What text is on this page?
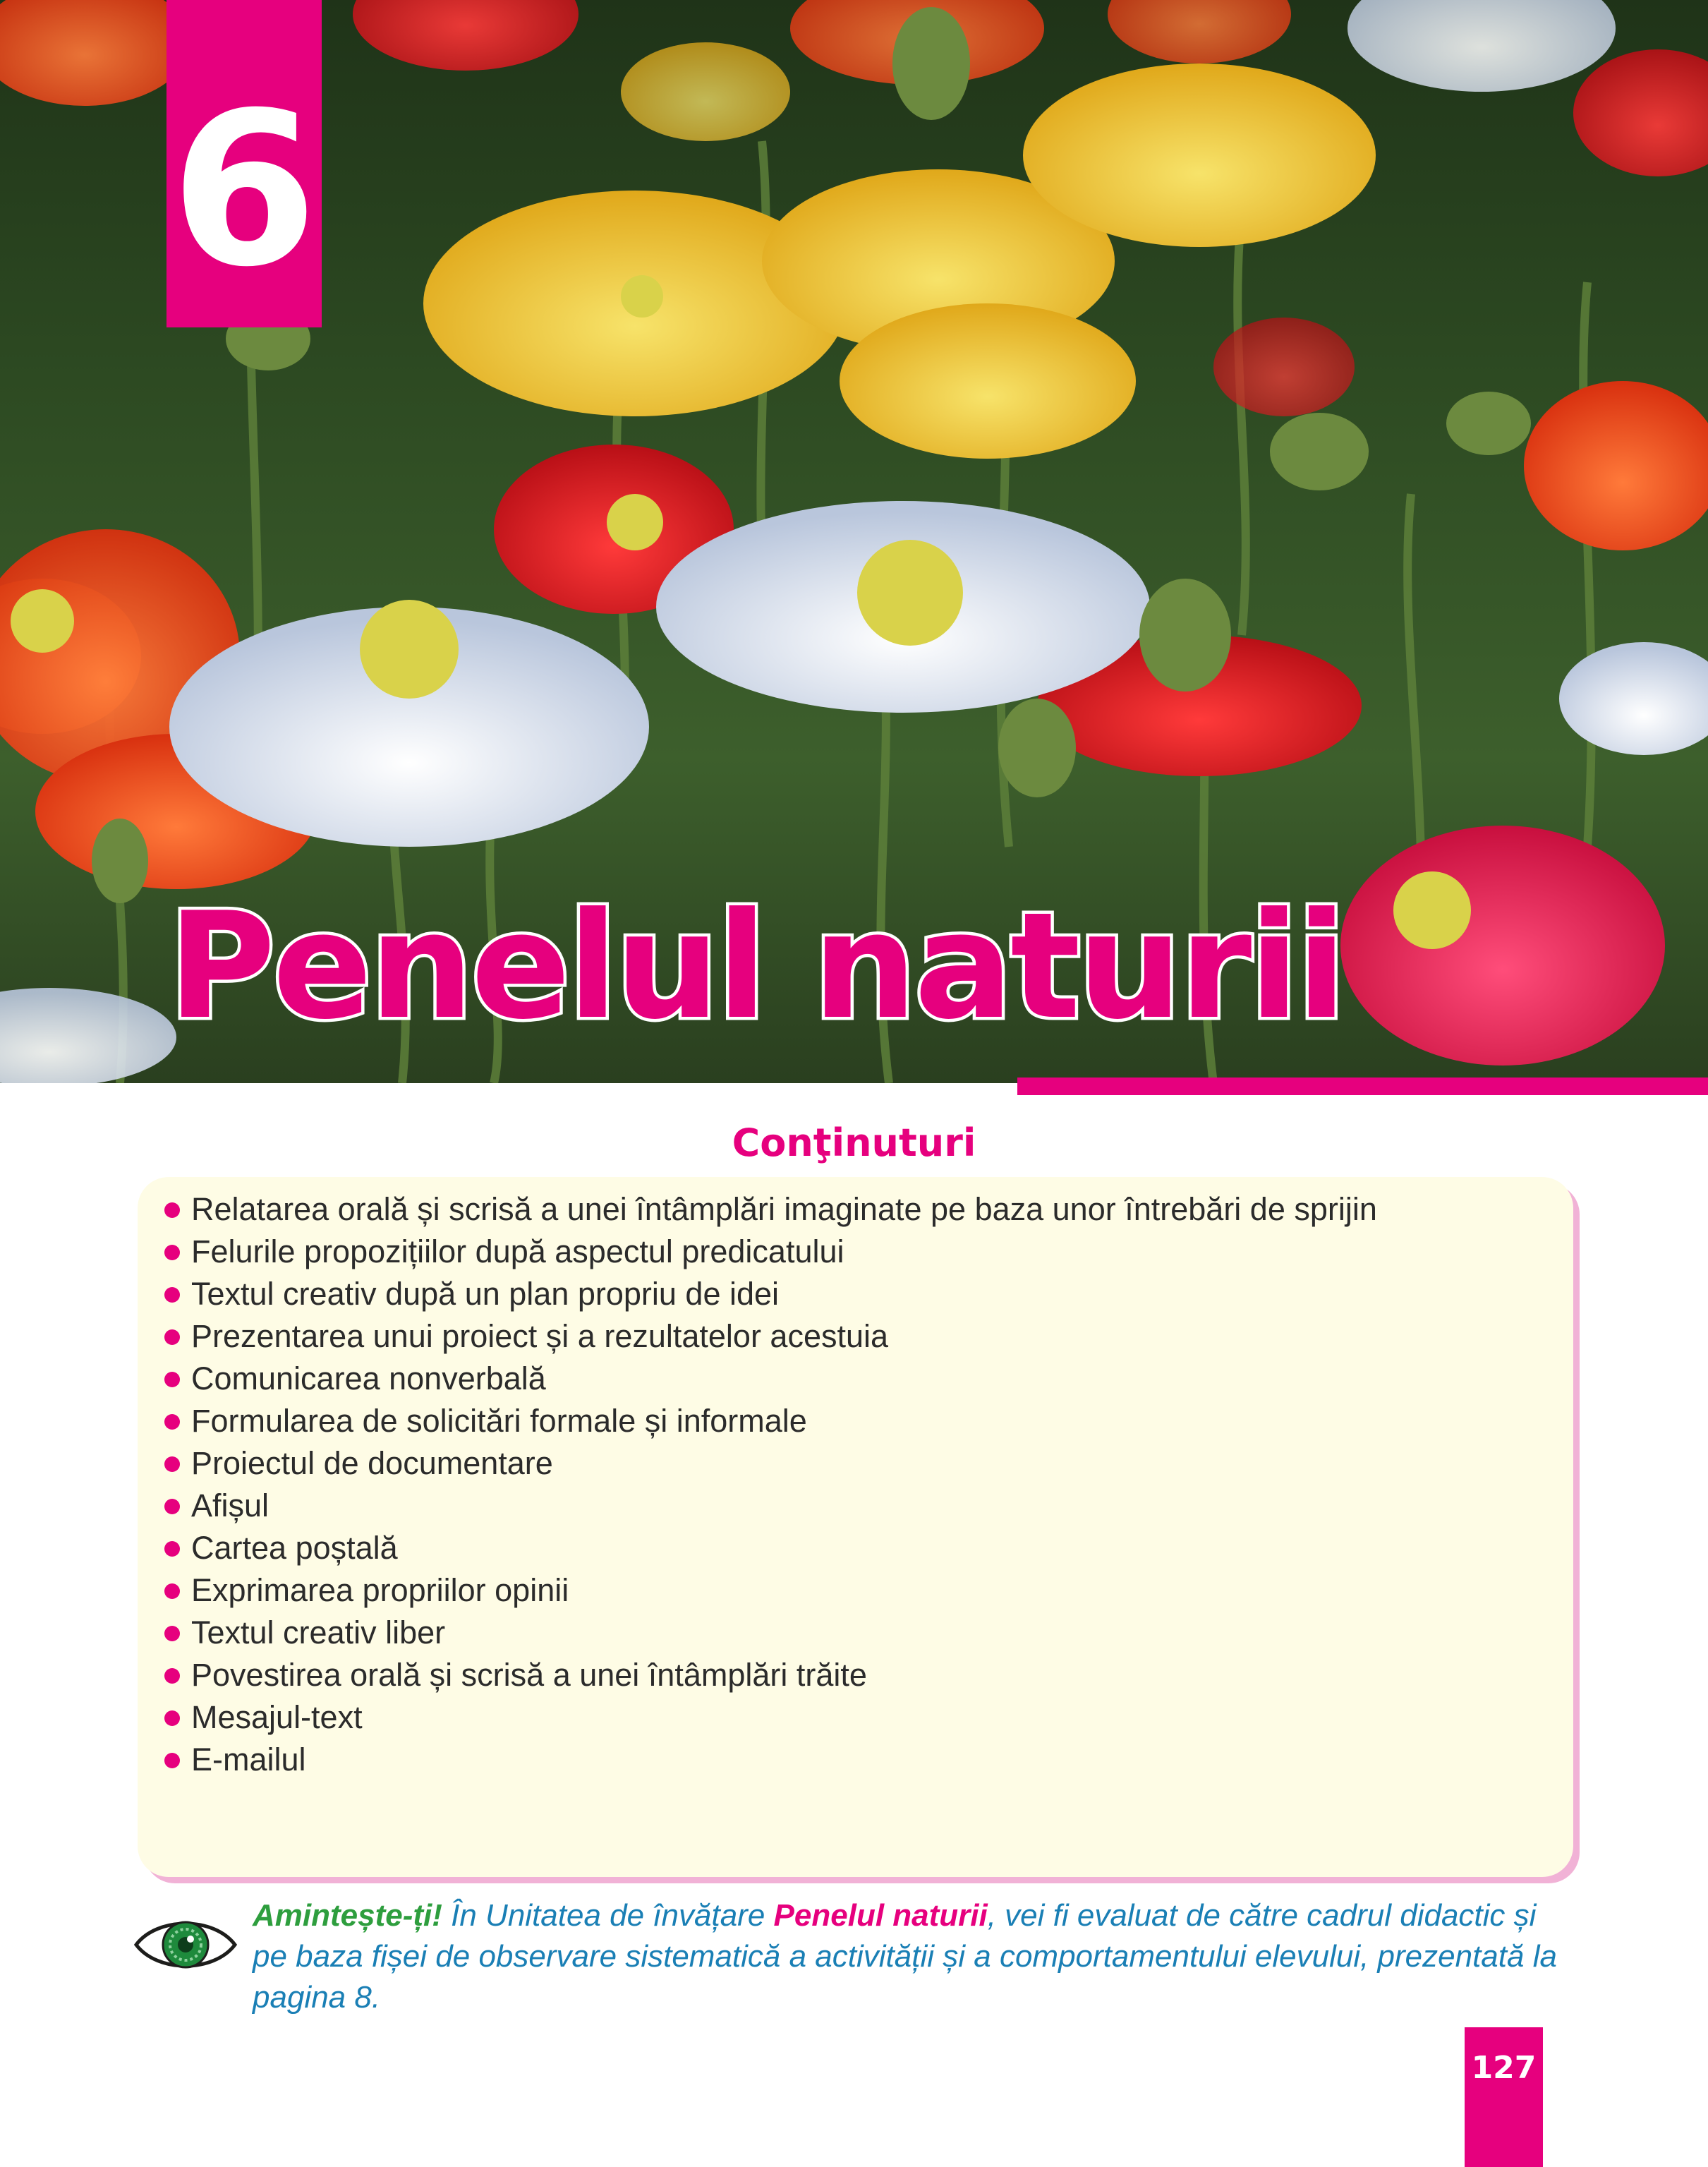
6
Penelul naturii
Conţinuturi
Relatarea orală și scrisă a unei întâmplări imaginate pe baza unor întrebări de sprijin
Felurile propozițiilor după aspectul predicatului
Textul creativ după un plan propriu de idei
Prezentarea unui proiect și a rezultatelor acestuia
Comunicarea nonverbală
Formularea de solicitări formale și informale
Proiectul de documentare
Afișul
Cartea poștală
Exprimarea propriilor opinii
Textul creativ liber
Povestirea orală și scrisă a unei întâmplări trăite
Mesajul-text
E-mailul
Amintește-ți! În Unitatea de învățare Penelul naturii, vei fi evaluat de către cadrul didactic și pe baza fișei de observare sistematică a activității și a comportamentului elevului, prezentată la pagina 8.
127
